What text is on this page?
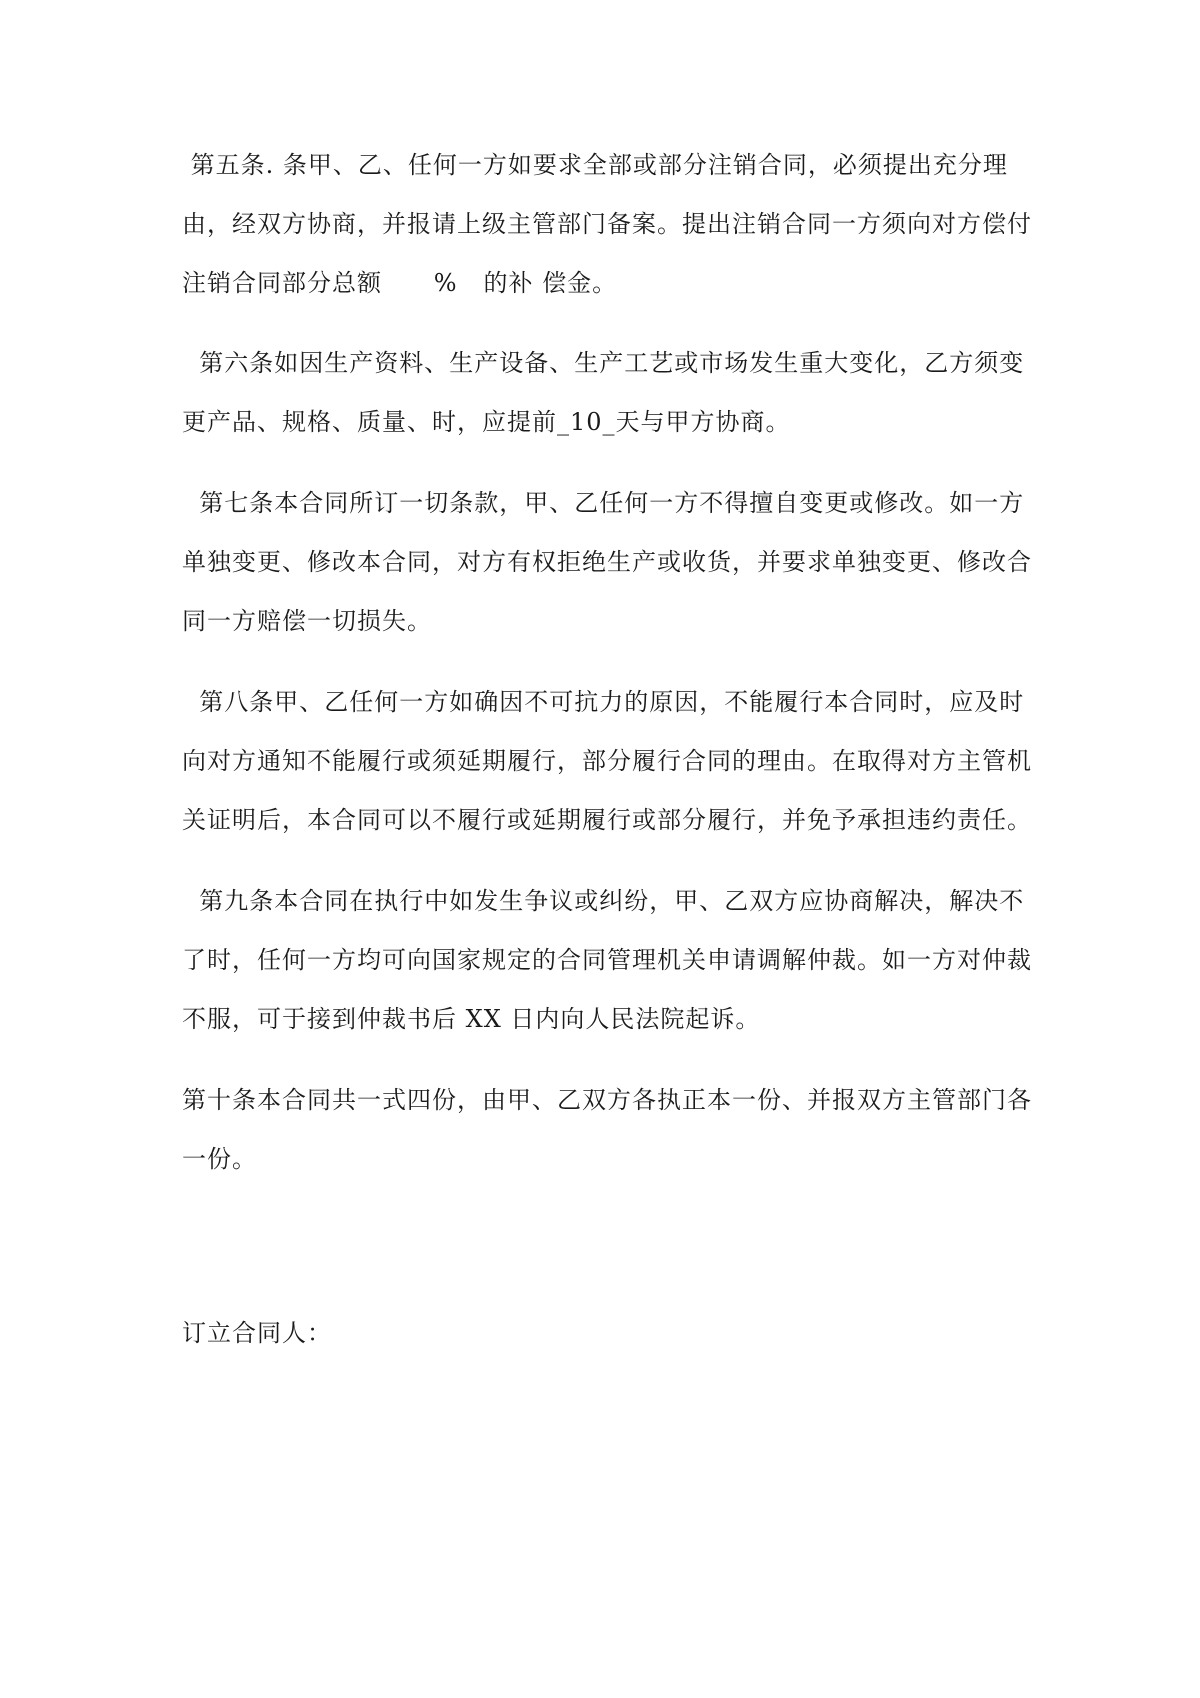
第五条. 条甲、乙、任何一方如要求全部或部分注销合同，必须提出充分理

由，经双方协商，并报请上级主管部门备案。提出注销合同一方须向对方偿付

注销合同部分总额      %   的补 偿金。

第六条如因生产资料、生产设备、生产工艺或市场发生重大变化，乙方须变

更产品、规格、质量、时，应提前_10_天与甲方协商。

第七条本合同所订一切条款，甲、乙任何一方不得擅自变更或修改。如一方

单独变更、修改本合同，对方有权拒绝生产或收货，并要求单独变更、修改合

同一方赔偿一切损失。

第八条甲、乙任何一方如确因不可抗力的原因，不能履行本合同时，应及时

向对方通知不能履行或须延期履行，部分履行合同的理由。在取得对方主管机

关证明后，本合同可以不履行或延期履行或部分履行，并免予承担违约责任。

第九条本合同在执行中如发生争议或纠纷，甲、乙双方应协商解决，解决不

了时，任何一方均可向国家规定的合同管理机关申请调解仲裁。如一方对仲裁

不服，可于接到仲裁书后 XX 日内向人民法院起诉。

第十条本合同共一式四份，由甲、乙双方各执正本一份、并报双方主管部门各

一份。

订立合同人：
